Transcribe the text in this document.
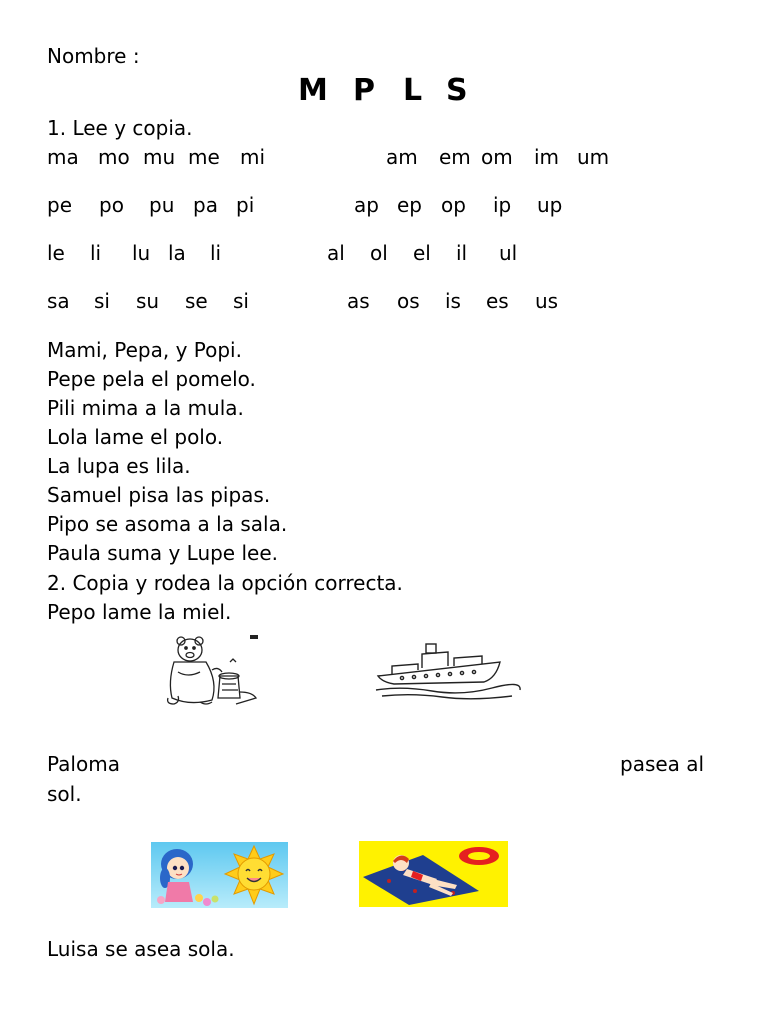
Nombre :
M P L S
1. Lee y copia.
ma mo mu me mi	am em om im um
pe po pu pa pi	ap ep op ip up
le li lu la li	al ol el il ul
sa si su se si	as os is es us
Mami, Pepa, y Popi.
Pepe pela el pomelo.
Pili mima a la mula.
Lola lame el polo.
La lupa es lila.
Samuel pisa las pipas.
Pipo se asoma a la sala.
Paula suma y Lupe lee.
2. Copia y rodea la opción correcta.
Pepo lame la miel.
Paloma	pasea al
sol.
Luisa se asea sola.
